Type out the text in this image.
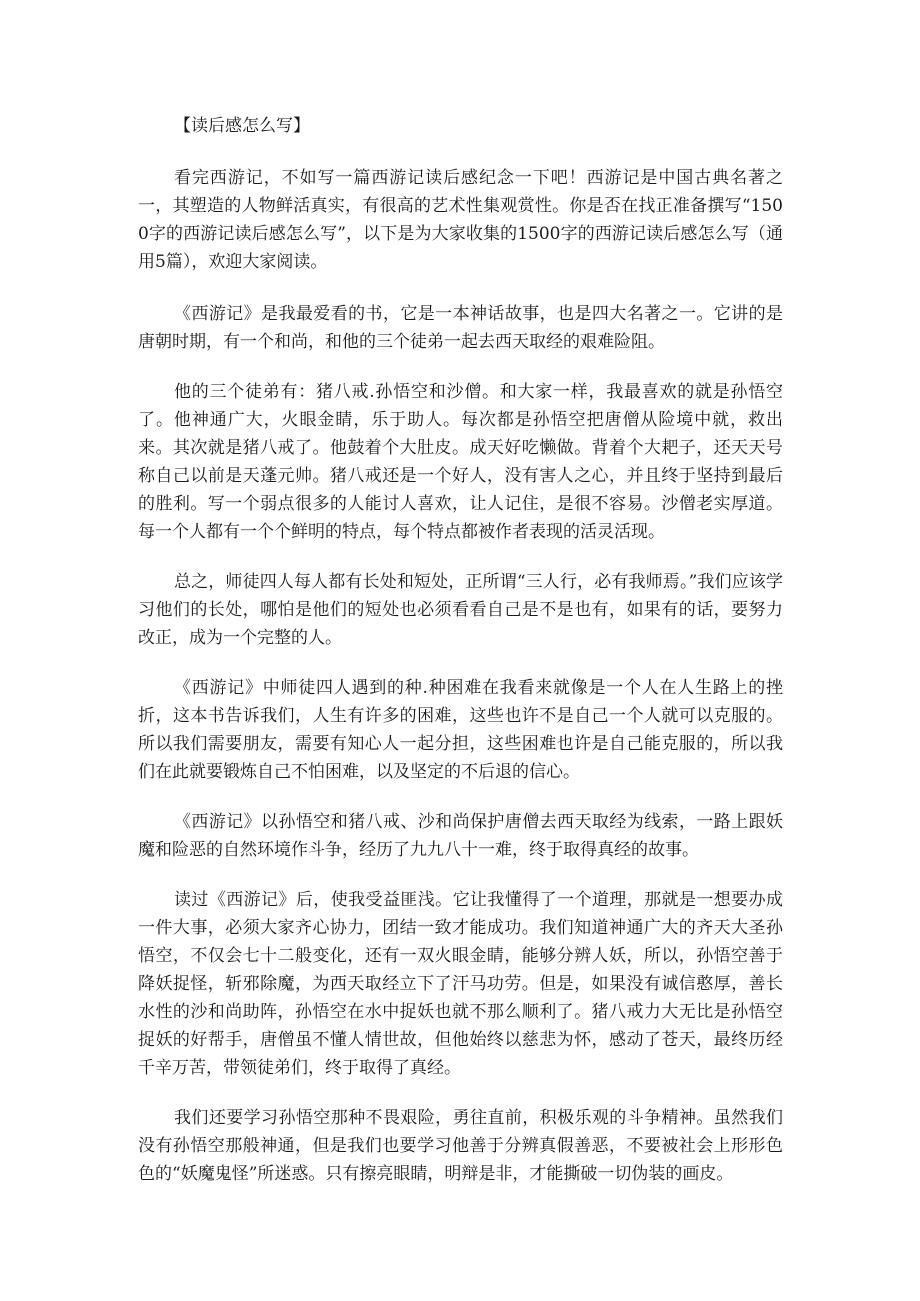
【读后感怎么写】

看完西游记，不如写一篇西游记读后感纪念一下吧！西游记是中国古典名著之一，其塑造的人物鲜活真实，有很高的艺术性集观赏性。你是否在找正准备撰写“1500字的西游记读后感怎么写”，以下是为大家收集的1500字的西游记读后感怎么写（通用5篇），欢迎大家阅读。

《西游记》是我最爱看的书，它是一本神话故事，也是四大名著之一。它讲的是唐朝时期，有一个和尚，和他的三个徒弟一起去西天取经的艰难险阻。

他的三个徒弟有：猪八戒.孙悟空和沙僧。和大家一样，我最喜欢的就是孙悟空了。他神通广大，火眼金睛，乐于助人。每次都是孙悟空把唐僧从险境中就，救出来。其次就是猪八戒了。他鼓着个大肚皮。成天好吃懒做。背着个大耙子，还天天号称自己以前是天蓬元帅。猪八戒还是一个好人，没有害人之心，并且终于坚持到最后的胜利。写一个弱点很多的人能讨人喜欢，让人记住，是很不容易。沙僧老实厚道。每一个人都有一个个鲜明的特点，每个特点都被作者表现的活灵活现。

总之，师徒四人每人都有长处和短处，正所谓“三人行，必有我师焉。”我们应该学习他们的长处，哪怕是他们的短处也必须看看自己是不是也有，如果有的话，要努力改正，成为一个完整的人。

《西游记》中师徒四人遇到的种.种困难在我看来就像是一个人在人生路上的挫折，这本书告诉我们，人生有许多的困难，这些也许不是自己一个人就可以克服的。所以我们需要朋友，需要有知心人一起分担，这些困难也许是自己能克服的，所以我们在此就要锻炼自己不怕困难，以及坚定的不后退的信心。

《西游记》以孙悟空和猪八戒、沙和尚保护唐僧去西天取经为线索，一路上跟妖魔和险恶的自然环境作斗争，经历了九九八十一难，终于取得真经的故事。

读过《西游记》后，使我受益匪浅。它让我懂得了一个道理，那就是一想要办成一件大事，必须大家齐心协力，团结一致才能成功。我们知道神通广大的齐天大圣孙悟空，不仅会七十二般变化，还有一双火眼金睛，能够分辨人妖，所以，孙悟空善于降妖捉怪，斩邪除魔，为西天取经立下了汗马功劳。但是，如果没有诚信憨厚，善长水性的沙和尚助阵，孙悟空在水中捉妖也就不那么顺利了。猪八戒力大无比是孙悟空捉妖的好帮手，唐僧虽不懂人情世故，但他始终以慈悲为怀，感动了苍天，最终历经千辛万苦，带领徒弟们，终于取得了真经。

我们还要学习孙悟空那种不畏艰险，勇往直前，积极乐观的斗争精神。虽然我们没有孙悟空那般神通，但是我们也要学习他善于分辨真假善恶，不要被社会上形形色色的“妖魔鬼怪”所迷惑。只有擦亮眼睛，明辩是非，才能撕破一切伪装的画皮。
